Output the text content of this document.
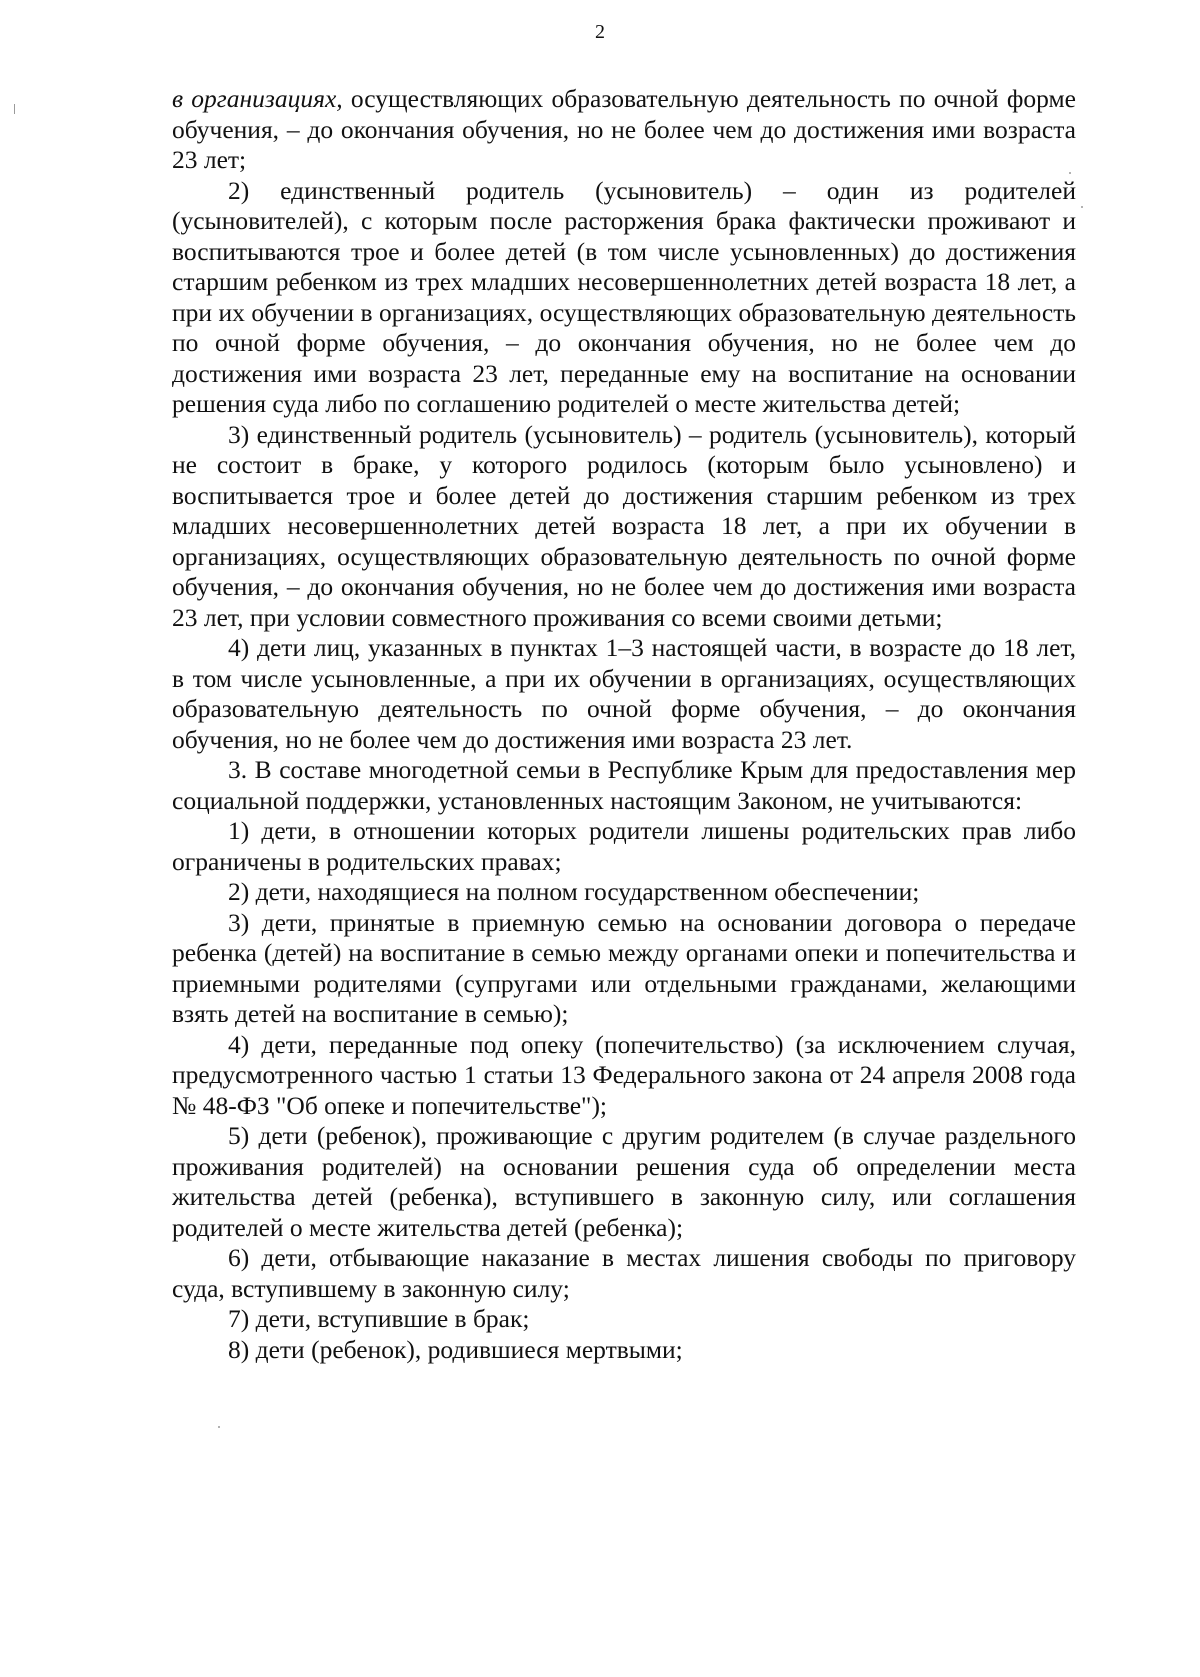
2

в организациях, осуществляющих образовательную деятельность по очной форме обучения, – до окончания обучения, но не более чем до достижения ими возраста 23 лет;

2) единственный родитель (усыновитель) – один из родителей (усыновителей), с которым после расторжения брака фактически проживают и воспитываются трое и более детей (в том числе усыновленных) до достижения старшим ребенком из трех младших несовершеннолетних детей возраста 18 лет, а при их обучении в организациях, осуществляющих образовательную деятельность по очной форме обучения, – до окончания обучения, но не более чем до достижения ими возраста 23 лет, переданные ему на воспитание на основании решения суда либо по соглашению родителей о месте жительства детей;

3) единственный родитель (усыновитель) – родитель (усыновитель), который не состоит в браке, у которого родилось (которым было усыновлено) и воспитывается трое и более детей до достижения старшим ребенком из трех младших несовершеннолетних детей возраста 18 лет, а при их обучении в организациях, осуществляющих образовательную деятельность по очной форме обучения, – до окончания обучения, но не более чем до достижения ими возраста 23 лет, при условии совместного проживания со всеми своими детьми;

4) дети лиц, указанных в пунктах 1–3 настоящей части, в возрасте до 18 лет, в том числе усыновленные, а при их обучении в организациях, осуществляющих образовательную деятельность по очной форме обучения, – до окончания обучения, но не более чем до достижения ими возраста 23 лет.

3. В составе многодетной семьи в Республике Крым для предоставления мер социальной поддержки, установленных настоящим Законом, не учитываются:

1) дети, в отношении которых родители лишены родительских прав либо ограничены в родительских правах;

2) дети, находящиеся на полном государственном обеспечении;

3) дети, принятые в приемную семью на основании договора о передаче ребенка (детей) на воспитание в семью между органами опеки и попечительства и приемными родителями (супругами или отдельными гражданами, желающими взять детей на воспитание в семью);

4) дети, переданные под опеку (попечительство) (за исключением случая, предусмотренного частью 1 статьи 13 Федерального закона от 24 апреля 2008 года № 48-ФЗ "Об опеке и попечительстве");

5) дети (ребенок), проживающие с другим родителем (в случае раздельного проживания родителей) на основании решения суда об определении места жительства детей (ребенка), вступившего в законную силу, или соглашения родителей о месте жительства детей (ребенка);

6) дети, отбывающие наказание в местах лишения свободы по приговору суда, вступившему в законную силу;

7) дети, вступившие в брак;

8) дети (ребенок), родившиеся мертвыми;
